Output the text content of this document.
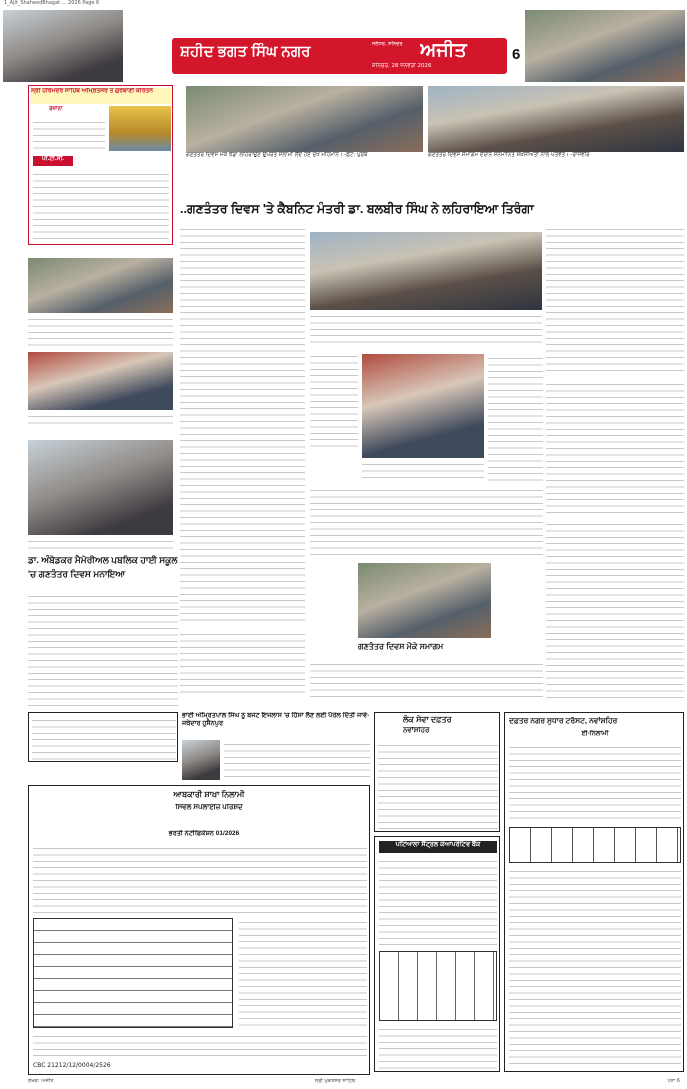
1_Ajit_ShaheedBhagat ... 2026 Page 6
ਸ਼ਹੀਦ ਭਗਤ ਸਿੰਘ ਨਗਰ	ਅਜੀਤ
ਜਲੰਧਰ, ਸ਼ਨਿਚਰ
ਸ਼ਨਿਚਰ, 28 ਜਨਵਰੀ 2026
6
ਸ੍ਰੀ ਹਰਿਮੰਦਰ ਸਾਹਿਬ ਅੰਮ੍ਰਿਤਸਰ ਤੋਂ ਗੁਰਬਾਣੀ ਕੀਰਤਨ
ਰੋਜ਼ਾਨਾ
ਪੀ.ਟੀ.ਸੀ.
ਗਣਤੰਤਰ ਦਿਵਸ ਮੌਕੇ ਝੰਡਾ ਲਹਿਰਾਉਣ ਉਪਰੰਤ ਸਲਾਮੀ ਲੈਂਦੇ ਹੋਏ ਮੁੱਖ ਮਹਿਮਾਨ। -ਫ਼ੋਟੋ: ਪੁਰਬ	ਗਣਤੰਤਰ ਦਿਵਸ ਸਮਾਗਮ ਦੌਰਾਨ ਸਨਮਾਨਿਤ ਸ਼ਖ਼ਸੀਅਤਾਂ ਨਾਲ ਪਤਵੰਤੇ। -ਰਾਜਵੀਰ
..ਗਣਤੰਤਰ ਦਿਵਸ 'ਤੇ ਕੈਬਨਿਟ ਮੰਤਰੀ ਡਾ. ਬਲਬੀਰ ਸਿੰਘ ਨੇ ਲਹਿਰਾਇਆ ਤਿਰੰਗਾ
ਡਾ. ਅੰਬੇਡਕਰ ਮੈਮੋਰੀਅਲ ਪਬਲਿਕ ਹਾਈ ਸਕੂਲ 'ਚ ਗਣਤੰਤਰ ਦਿਵਸ ਮਨਾਇਆ
ਗਣਤੰਤਰ ਦਿਵਸ ਮੌਕੇ ਸਮਾਗਮ
ਭਾਈ ਅੰਮ੍ਰਿਤਪਾਲ ਸਿੰਘ ਨੂੰ ਬਜਟ ਇਜਲਾਸ 'ਚ ਹਿੱਸਾ ਲੈਣ ਲਈ ਪੈਰੋਲ ਦਿੱਤੀ ਜਾਵੇ-ਜਥੇਦਾਰ ਹੁਸੈਨਪੁਰ	ਲੋਕ ਸੇਵਾ ਦਫ਼ਤਰ
ਨਵਾਂਸ਼ਹਿਰ
ਦਫ਼ਤਰ ਨਗਰ ਸੁਧਾਰ ਟਰੱਸਟ, ਨਵਾਂਸ਼ਹਿਰ
ਈ-ਨਿਲਾਮੀ
ਆਬਕਾਰੀ ਸ਼ਾਖ਼ਾ ਨਿਲਾਮੀ
ਸਿਵਲ ਸਪਲਾਈਜ਼ ਪਰਿਸ਼ਦ
ਭਰਤੀ ਨੋਟੀਫਿਕੇਸ਼ਨ 01/2026
CBC 21212/12/0004/2526
ਪਟਿਆਲਾ ਸੈਂਟ੍ਰਲ ਕੋਆਪਰੇਟਿਵ ਬੈਂਕ
ਲੇਖਕ: ਅਜੀਤ	ਸ੍ਰੀ ਮੁਕਤਸਰ ਸਾਹਿਬ	ਪੰਨਾ 6
